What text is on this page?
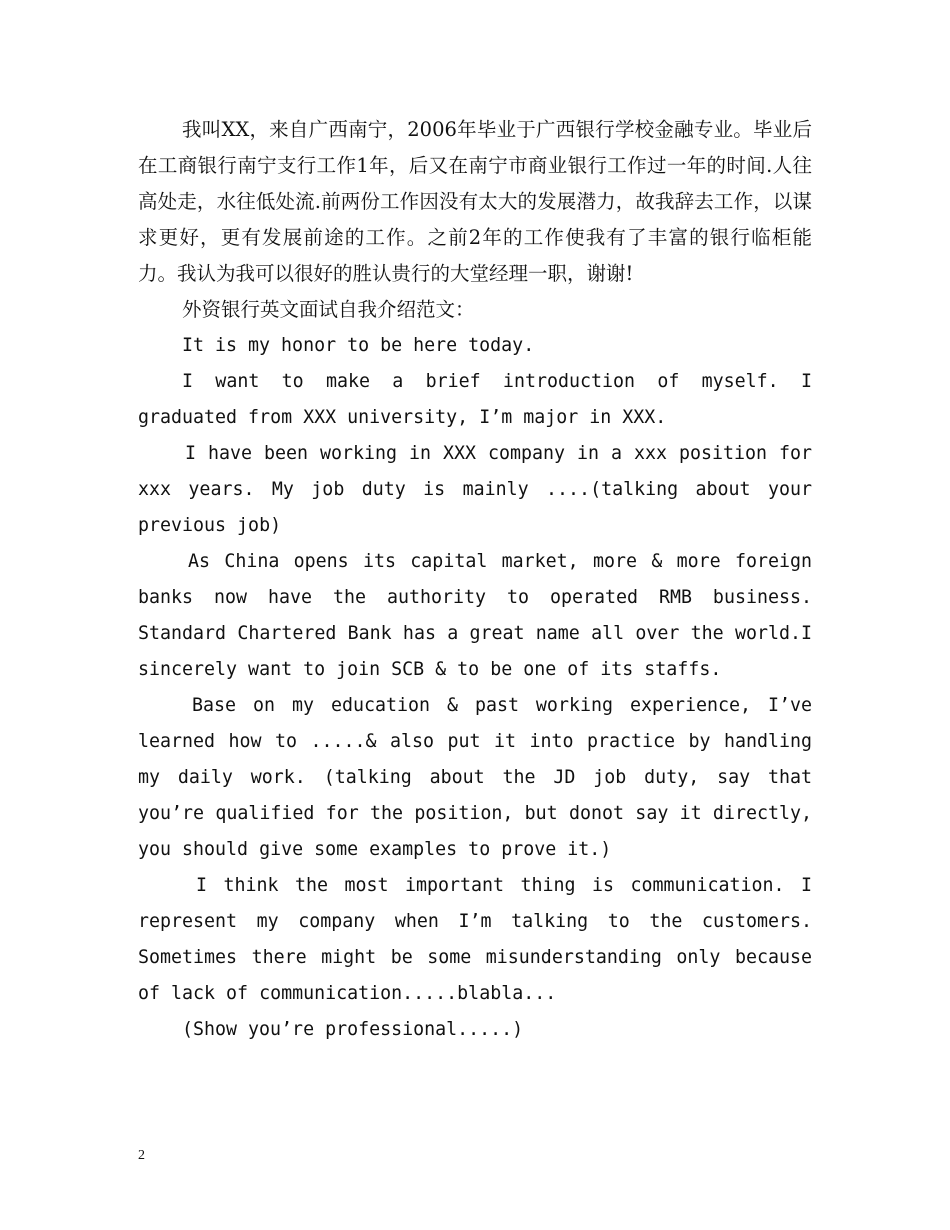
我叫XX，来自广西南宁，2006年毕业于广西银行学校金融专业。毕业后在工商银行南宁支行工作1年，后又在南宁市商业银行工作过一年的时间.人往高处走，水往低处流.前两份工作因没有太大的发展潜力，故我辞去工作，以谋求更好，更有发展前途的工作。之前2年的工作使我有了丰富的银行临柜能力。我认为我可以很好的胜认贵行的大堂经理一职，谢谢!

外资银行英文面试自我介绍范文：

It is my honor to be here today.

I want to make a brief introduction of myself. I graduated from XXX university, I’m major in XXX.

I have been working in XXX company in a xxx position for xxx years. My job duty is mainly ....(talking about your previous job)

As China opens its capital market, more & more foreign banks now have the authority to operated RMB business. Standard Chartered Bank has a great name all over the world.I sincerely want to join SCB & to be one of its staffs.

Base on my education & past working experience, I’ve learned how to .....& also put it into practice by handling my daily work. (talking about the JD job duty, say that you’re qualified for the position, but donot say it directly, you should give some examples to prove it.)

I think the most important thing is communication. I represent my company when I’m talking to the customers. Sometimes there might be some misunderstanding only because of lack of communication.....blabla...

(Show you’re professional.....)

2
